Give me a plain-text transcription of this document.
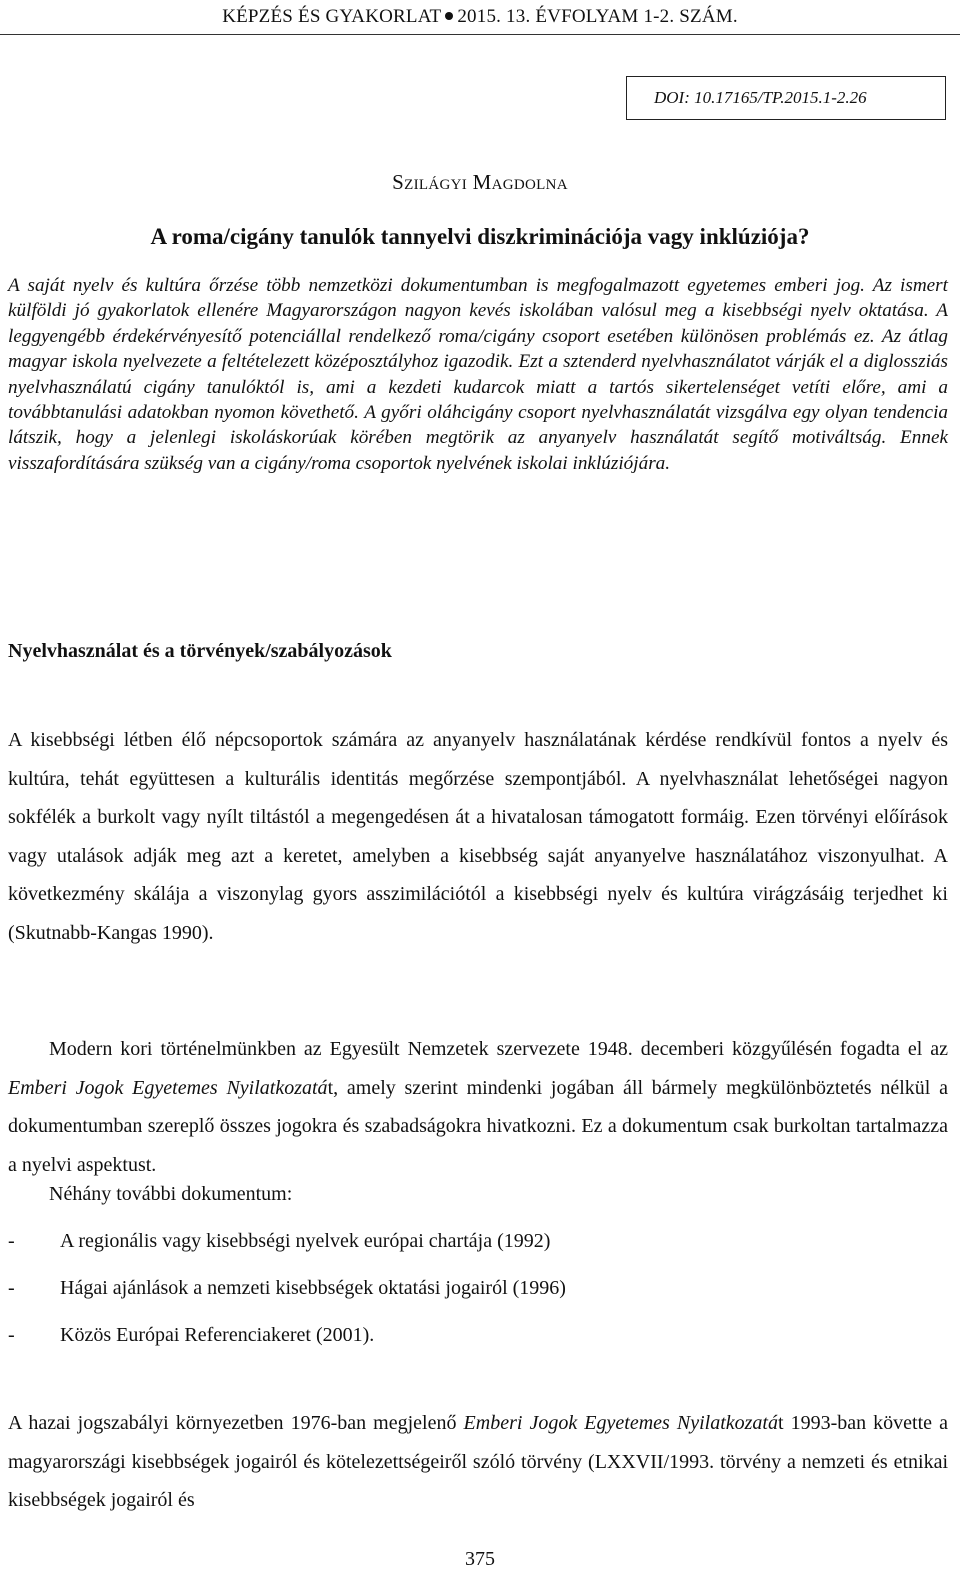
KÉPZÉS ÉS GYAKORLAT 2015. 13. ÉVFOLYAM 1-2. SZÁM.
DOI: 10.17165/TP.2015.1-2.26
Szilágyi Magdolna
A roma/cigány tanulók tannyelvi diszkriminációja vagy inklúziója?

A saját nyelv és kultúra őrzése több nemzetközi dokumentumban is megfogalmazott egyetemes emberi jog. Az ismert külföldi jó gyakorlatok ellenére Magyarországon nagyon kevés iskolában valósul meg a kisebbségi nyelv oktatása. A leggyengébb érdekérvényesítő potenciállal rendelkező roma/cigány csoport esetében különösen problémás ez. Az átlag magyar iskola nyelvezete a feltételezett középosztályhoz igazodik. Ezt a sztenderd nyelvhasználatot várják el a diglossziás nyelvhasználatú cigány tanulóktól is, ami a kezdeti kudarcok miatt a tartós sikertelenséget vetíti előre, ami a továbbtanulási adatokban nyomon követhető. A győri oláhcigány csoport nyelvhasználatát vizsgálva egy olyan tendencia látszik, hogy a jelenlegi iskoláskorúak körében megtörik az anyanyelv használatát segítő motiváltság. Ennek visszafordítására szükség van a cigány/roma csoportok nyelvének iskolai inklúziójára.

Nyelvhasználat és a törvények/szabályozások

A kisebbségi létben élő népcsoportok számára az anyanyelv használatának kérdése rendkívül fontos a nyelv és kultúra, tehát együttesen a kulturális identitás megőrzése szempontjából. A nyelvhasználat lehetőségei nagyon sokfélék a burkolt vagy nyílt tiltástól a megengedésen át a hivatalosan támogatott formáig. Ezen törvényi előírások vagy utalások adják meg azt a keretet, amelyben a kisebbség saját anyanyelve használatához viszonyulhat. A következmény skálája a viszonylag gyors asszimilációtól a kisebbségi nyelv és kultúra virágzásáig terjedhet ki (Skutnabb-Kangas 1990).

Modern kori történelmünkben az Egyesült Nemzetek szervezete 1948. decemberi közgyűlésén fogadta el az Emberi Jogok Egyetemes Nyilatkozatát, amely szerint mindenki jogában áll bármely megkülönböztetés nélkül a dokumentumban szereplő összes jogokra és szabadságokra hivatkozni. Ez a dokumentum csak burkoltan tartalmazza a nyelvi aspektust.

Néhány további dokumentum:

- A regionális vagy kisebbségi nyelvek európai chartája (1992)
- Hágai ajánlások a nemzeti kisebbségek oktatási jogairól (1996)
- Közös Európai Referenciakeret (2001).

A hazai jogszabályi környezetben 1976-ban megjelenő Emberi Jogok Egyetemes Nyilatkozatát 1993-ban követte a magyarországi kisebbségek jogairól és kötelezettségeiről szóló törvény (LXXVII/1993. törvény a nemzeti és etnikai kisebbségek jogairól és

375
